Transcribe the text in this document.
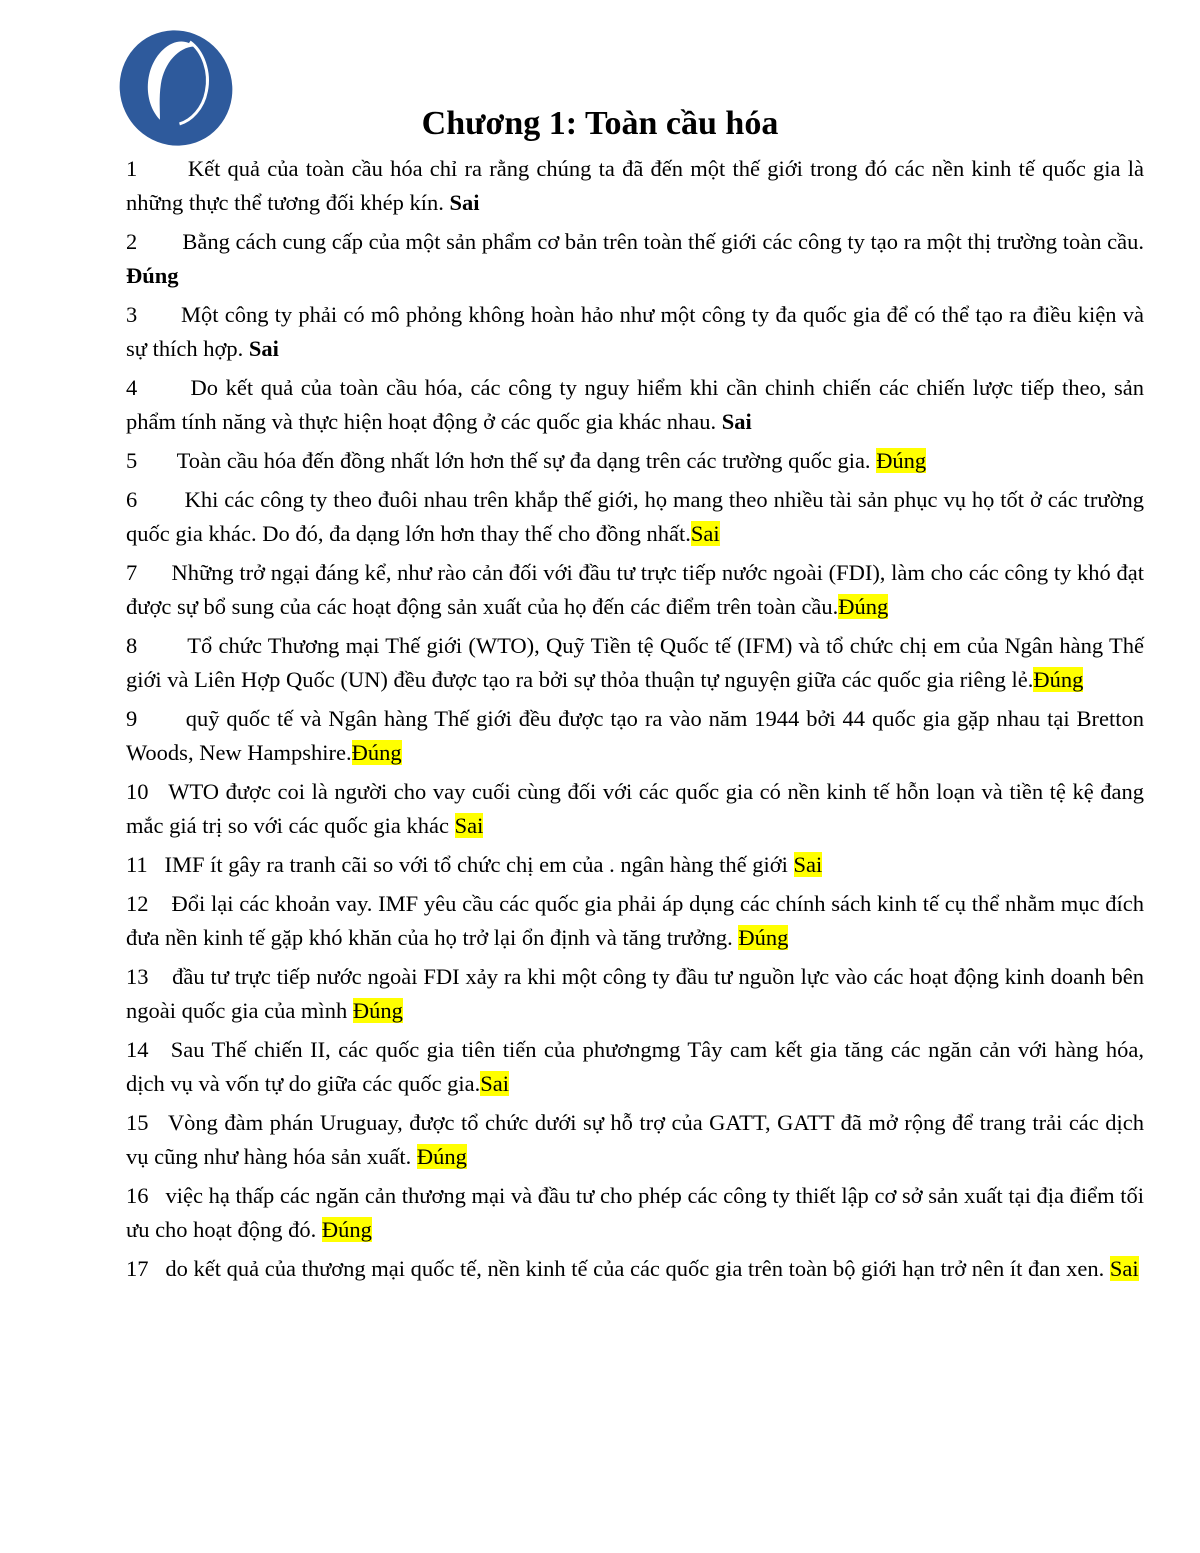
Chương 1: Toàn cầu hóa

1 Kết quả của toàn cầu hóa chỉ ra rằng chúng ta đã đến một thế giới trong đó các nền kinh tế quốc gia là những thực thể tương đối khép kín. Sai

2 Bằng cách cung cấp của một sản phẩm cơ bản trên toàn thế giới các công ty tạo ra một thị trường toàn cầu. Đúng

3 Một công ty phải có mô phỏng không hoàn hảo như một công ty đa quốc gia để có thể tạo ra điều kiện và sự thích hợp. Sai

4 Do kết quả của toàn cầu hóa, các công ty nguy hiểm khi cần chinh chiến các chiến lược tiếp theo, sản phẩm tính năng và thực hiện hoạt động ở các quốc gia khác nhau. Sai

5 Toàn cầu hóa đến đồng nhất lớn hơn thế sự đa dạng trên các trường quốc gia. Đúng

6 Khi các công ty theo đuôi nhau trên khắp thế giới, họ mang theo nhiều tài sản phục vụ họ tốt ở các trường quốc gia khác. Do đó, đa dạng lớn hơn thay thế cho đồng nhất.Sai

7 Những trở ngại đáng kể, như rào cản đối với đầu tư trực tiếp nước ngoài (FDI), làm cho các công ty khó đạt được sự bổ sung của các hoạt động sản xuất của họ đến các điểm trên toàn cầu.Đúng

8 Tổ chức Thương mại Thế giới (WTO), Quỹ Tiền tệ Quốc tế (IFM) và tổ chức chị em của Ngân hàng Thế giới và Liên Hợp Quốc (UN) đều được tạo ra bởi sự thỏa thuận tự nguyện giữa các quốc gia riêng lẻ.Đúng

9 quỹ quốc tế và Ngân hàng Thế giới đều được tạo ra vào năm 1944 bởi 44 quốc gia gặp nhau tại Bretton Woods, New Hampshire.Đúng

10 WTO được coi là người cho vay cuối cùng đối với các quốc gia có nền kinh tế hỗn loạn và tiền tệ kệ đang mắc giá trị so với các quốc gia khác Sai

11 IMF ít gây ra tranh cãi so với tổ chức chị em của . ngân hàng thế giới Sai

12 Đổi lại các khoản vay. IMF yêu cầu các quốc gia phải áp dụng các chính sách kinh tế cụ thể nhằm mục đích đưa nền kinh tế gặp khó khăn của họ trở lại ổn định và tăng trưởng. Đúng

13 đầu tư trực tiếp nước ngoài FDI xảy ra khi một công ty đầu tư nguồn lực vào các hoạt động kinh doanh bên ngoài quốc gia của mình Đúng

14 Sau Thế chiến II, các quốc gia tiên tiến của phươngmg Tây cam kết gia tăng các ngăn cản với hàng hóa, dịch vụ và vốn tự do giữa các quốc gia.Sai

15 Vòng đàm phán Uruguay, được tổ chức dưới sự hỗ trợ của GATT, GATT đã mở rộng để trang trải các dịch vụ cũng như hàng hóa sản xuất. Đúng

16 việc hạ thấp các ngăn cản thương mại và đầu tư cho phép các công ty thiết lập cơ sở sản xuất tại địa điểm tối ưu cho hoạt động đó. Đúng

17 do kết quả của thương mại quốc tế, nền kinh tế của các quốc gia trên toàn bộ giới hạn trở nên ít đan xen. Sai
